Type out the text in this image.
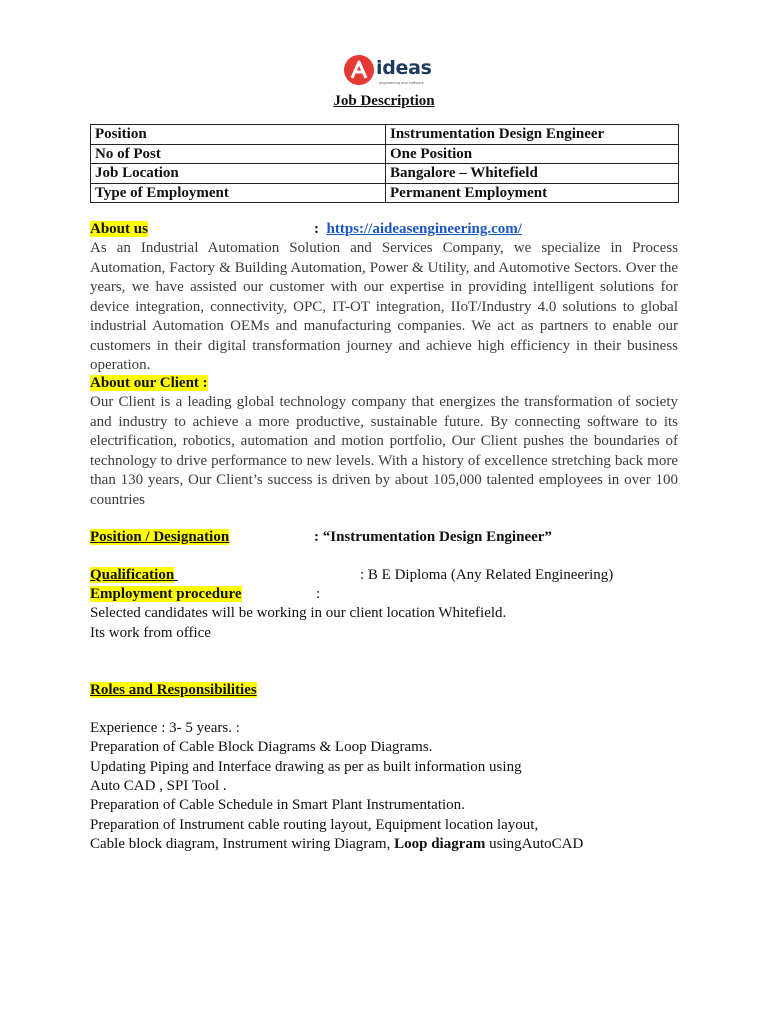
ideas
engineering and software
Job Description
Position	Instrumentation Design Engineer
No of Post	One Position
Job Location	Bangalore – Whitefield
Type of Employment	Permanent Employment
About us	: https://aideasengineering.com/
As an Industrial Automation Solution and Services Company, we specialize in Process Automation, Factory & Building Automation, Power & Utility, and Automotive Sectors. Over the years, we have assisted our customer with our expertise in providing intelligent solutions for device integration, connectivity, OPC, IT-OT integration, IIoT/Industry 4.0 solutions to global industrial Automation OEMs and manufacturing companies. We act as partners to enable our customers in their digital transformation journey and achieve high efficiency in their business operation.
About our Client :
Our Client is a leading global technology company that energizes the transformation of society and industry to achieve a more productive, sustainable future. By connecting software to its electrification, robotics, automation and motion portfolio, Our Client pushes the boundaries of technology to drive performance to new levels. With a history of excellence stretching back more than 130 years, Our Client’s success is driven by about 105,000 talented employees in over 100 countries
Position / Designation	: “Instrumentation Design Engineer”
Qualification	: B E Diploma (Any Related Engineering)
Employment procedure	:
Selected candidates will be working in our client location Whitefield.
Its work from office
Roles and Responsibilities
Experience : 3- 5 years. :
Preparation of Cable Block Diagrams & Loop Diagrams.
Updating Piping and Interface drawing as per as built information using
Auto CAD , SPI Tool .
Preparation of Cable Schedule in Smart Plant Instrumentation.
Preparation of Instrument cable routing layout, Equipment location layout,
Cable block diagram, Instrument wiring Diagram, Loop diagram usingAutoCAD
